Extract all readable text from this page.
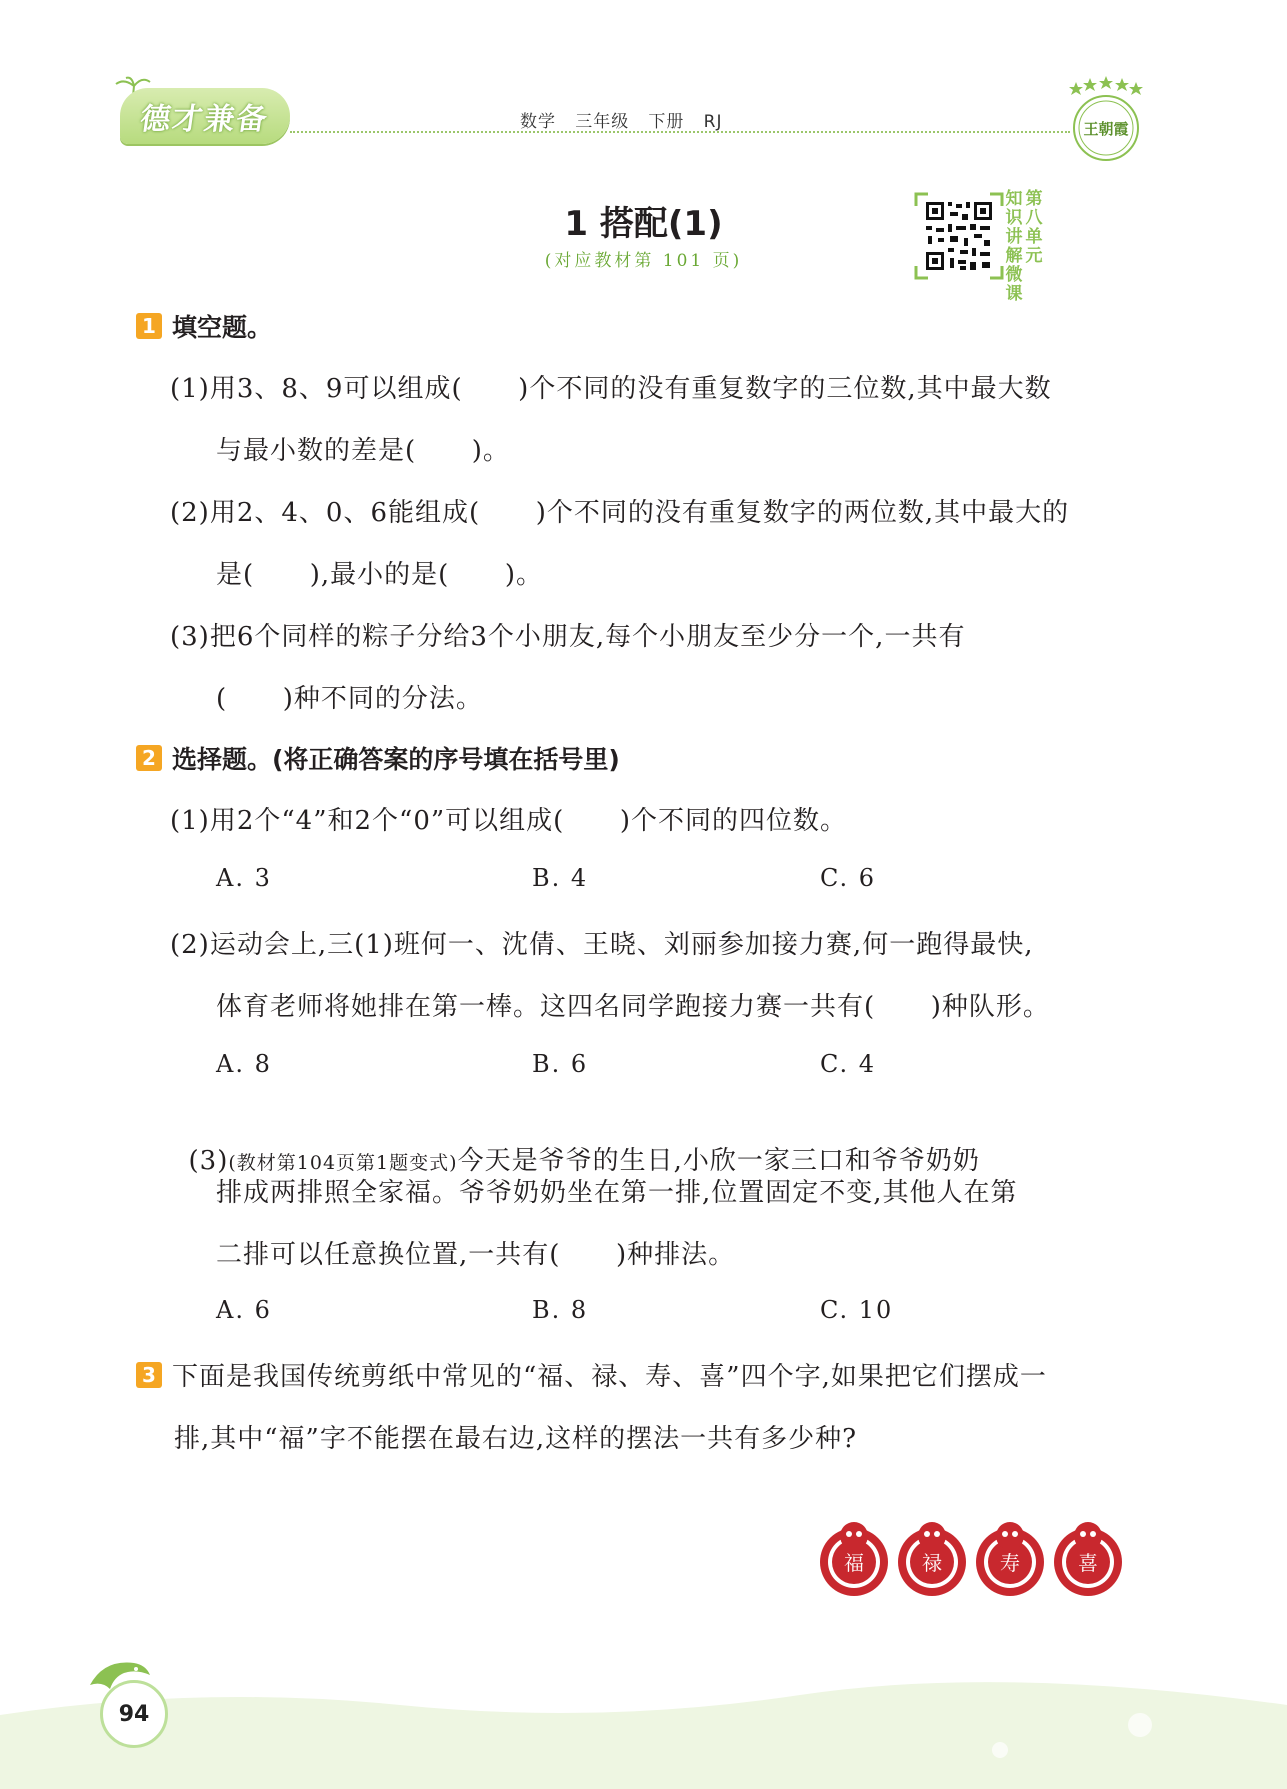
德才兼备	数学   三年级   下册   RJ	王朝霞
1 搭配(1)
(对应教材第 101 页)
知
识
讲
解
微
课
第
八
单
元
1 填空题。
(1)用3、8、9可以组成(      )个不同的没有重复数字的三位数,其中最大数
与最小数的差是(      )。
(2)用2、4、0、6能组成(      )个不同的没有重复数字的两位数,其中最大的
是(      ),最小的是(      )。
(3)把6个同样的粽子分给3个小朋友,每个小朋友至少分一个,一共有
(      )种不同的分法。
2 选择题。(将正确答案的序号填在括号里)
(1)用2个“4”和2个“0”可以组成(      )个不同的四位数。
A. 3	B. 4	C. 6
(2)运动会上,三(1)班何一、沈倩、王晓、刘丽参加接力赛,何一跑得最快,
体育老师将她排在第一棒。这四名同学跑接力赛一共有(      )种队形。
A. 8	B. 6	C. 4

(3)(教材第104页第1题变式)今天是爷爷的生日,小欣一家三口和爷爷奶奶

排成两排照全家福。爷爷奶奶坐在第一排,位置固定不变,其他人在第
二排可以任意换位置,一共有(      )种排法。
A. 6	B. 8	C. 10
3 下面是我国传统剪纸中常见的“福、禄、寿、喜”四个字,如果把它们摆成一
排,其中“福”字不能摆在最右边,这样的摆法一共有多少种?
福	禄	寿	喜
94
